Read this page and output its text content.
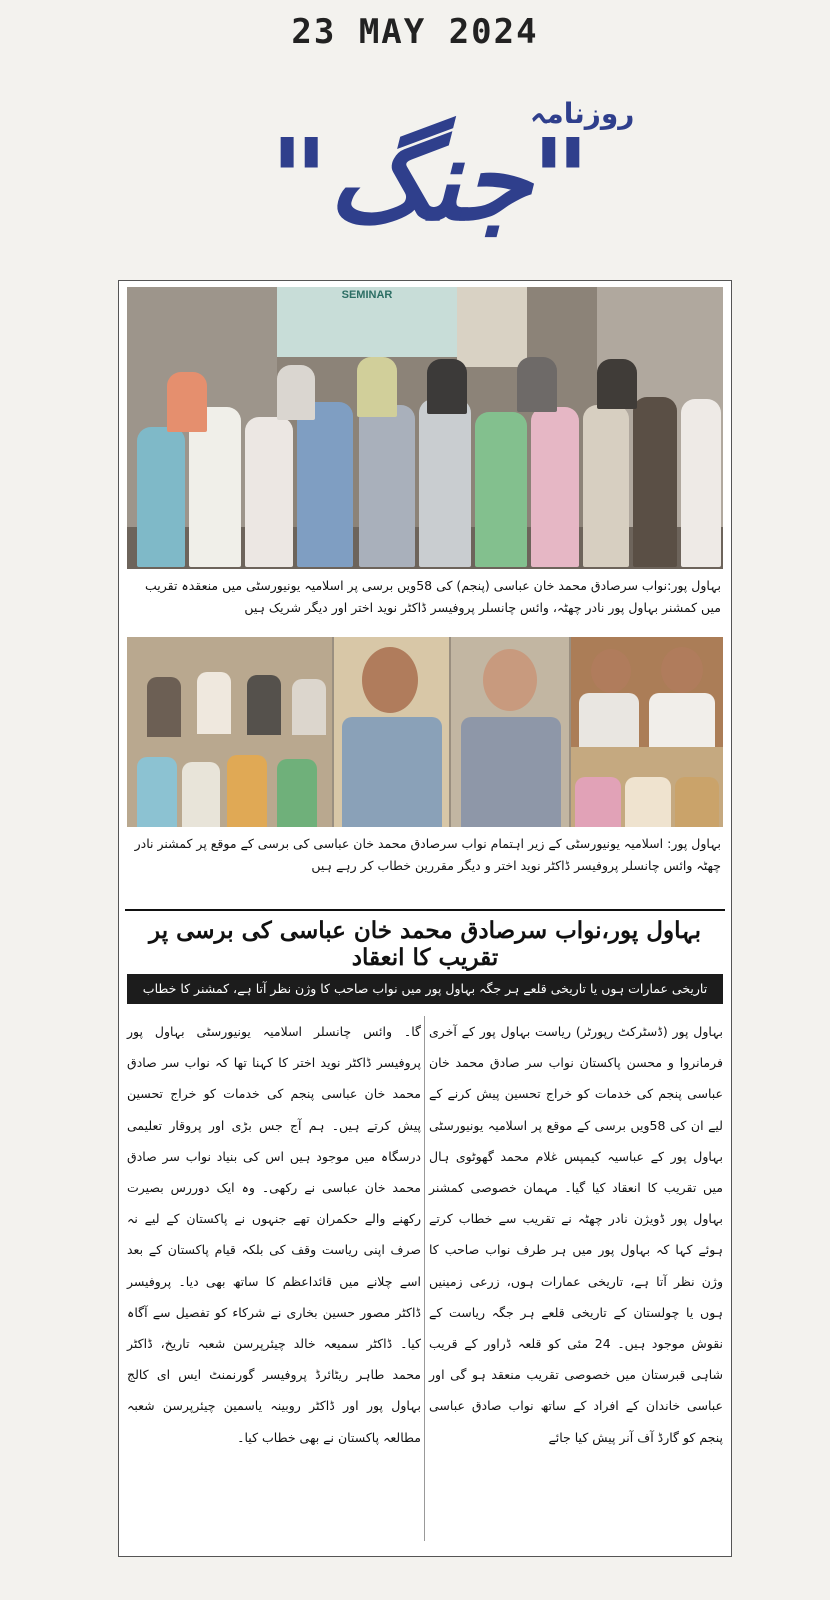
23 MAY 2024
روزنامہ
"جنگ"
SEMINAR
بہاول پور:نواب سرصادق محمد خان عباسی (پنجم) کی 58ویں برسی پر اسلامیہ یونیورسٹی میں منعقدہ تقریب میں کمشنر بہاول پور نادر چھٹہ، وائس چانسلر پروفیسر ڈاکٹر نوید اختر اور دیگر شریک ہیں
بہاول پور: اسلامیہ یونیورسٹی کے زیر اہتمام نواب سرصادق محمد خان عباسی کی برسی کے موقع پر کمشنر نادر چھٹہ وائس چانسلر پروفیسر ڈاکٹر نوید اختر و دیگر مقررین خطاب کر رہے ہیں
بہاول پور،نواب سرصادق محمد خان عباسی کی برسی پر تقریب کا انعقاد
تاریخی عمارات ہوں یا تاریخی قلعے ہر جگہ بہاول پور میں نواب صاحب کا وژن نظر آتا ہے، کمشنر کا خطاب
بہاول پور (ڈسٹرکٹ رپورٹر) ریاست بہاول پور کے آخری فرمانروا و محسن پاکستان نواب سر صادق محمد خان عباسی پنجم کی خدمات کو خراج تحسین پیش کرنے کے لیے ان کی 58ویں برسی کے موقع پر اسلامیہ یونیورسٹی بہاول پور کے عباسیہ کیمپس غلام محمد گھوٹوی ہال میں تقریب کا انعقاد کیا گیا۔ مہمان خصوصی کمشنر بہاول پور ڈویژن نادر چھٹہ نے تقریب سے خطاب کرتے ہوئے کہا کہ بہاول پور میں ہر طرف نواب صاحب کا وژن نظر آتا ہے، تاریخی عمارات ہوں، زرعی زمینیں ہوں یا چولستان کے تاریخی قلعے ہر جگہ ریاست کے نقوش موجود ہیں۔ 24 مئی کو قلعہ ڈراور کے قریب شاہی قبرستان میں خصوصی تقریب منعقد ہو گی اور عباسی خاندان کے افراد کے ساتھ نواب صادق عباسی پنجم کو گارڈ آف آنر پیش کیا جائے
گا۔ وائس چانسلر اسلامیہ یونیورسٹی بہاول پور پروفیسر ڈاکٹر نوید اختر کا کہنا تھا کہ نواب سر صادق محمد خان عباسی پنجم کی خدمات کو خراج تحسین پیش کرتے ہیں۔ ہم آج جس بڑی اور پروقار تعلیمی درسگاہ میں موجود ہیں اس کی بنیاد نواب سر صادق محمد خان عباسی نے رکھی۔ وہ ایک دوررس بصیرت رکھنے والے حکمران تھے جنہوں نے پاکستان کے لیے نہ صرف اپنی ریاست وقف کی بلکہ قیام پاکستان کے بعد اسے چلانے میں قائداعظم کا ساتھ بھی دیا۔ پروفیسر ڈاکٹر مصور حسین بخاری نے شرکاء کو تفصیل سے آگاہ کیا۔ ڈاکٹر سمیعہ خالد چیئرپرسن شعبہ تاریخ، ڈاکٹر محمد طاہر ریٹائرڈ پروفیسر گورنمنٹ ایس ای کالج بہاول پور اور ڈاکٹر روبینہ یاسمین چیئرپرسن شعبہ مطالعہ پاکستان نے بھی خطاب کیا۔
